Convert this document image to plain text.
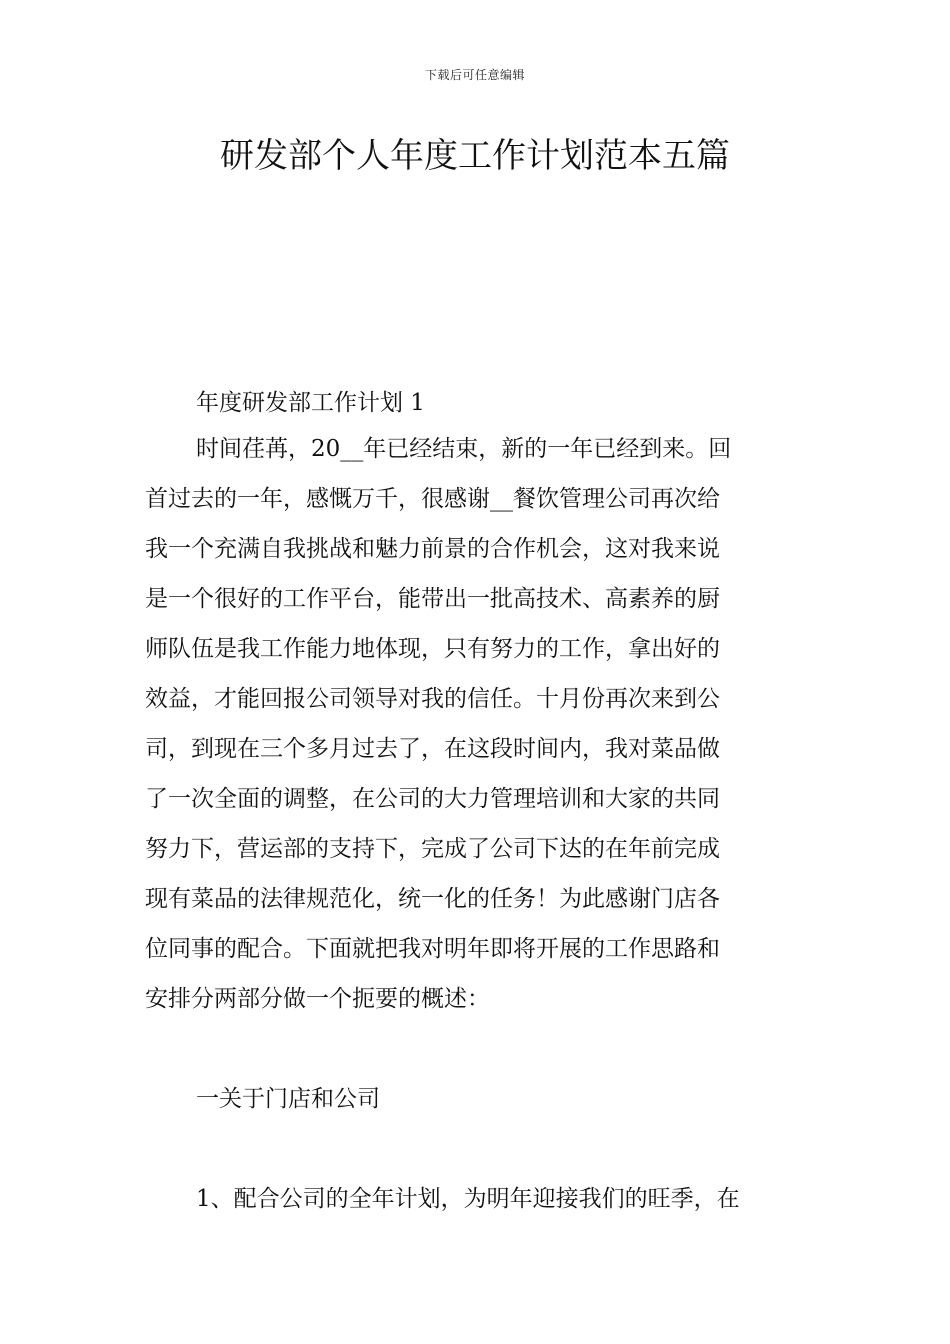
下载后可任意编辑
研发部个人年度工作计划范本五篇
年度研发部工作计划 1
时间荏苒，20__年已经结束，新的一年已经到来。回
首过去的一年，感慨万千，很感谢__餐饮管理公司再次给
我一个充满自我挑战和魅力前景的合作机会，这对我来说
是一个很好的工作平台，能带出一批高技术、高素养的厨
师队伍是我工作能力地体现，只有努力的工作，拿出好的
效益，才能回报公司领导对我的信任。十月份再次来到公
司，到现在三个多月过去了，在这段时间内，我对菜品做
了一次全面的调整，在公司的大力管理培训和大家的共同
努力下，营运部的支持下，完成了公司下达的在年前完成
现有菜品的法律规范化，统一化的任务！为此感谢门店各
位同事的配合。下面就把我对明年即将开展的工作思路和
安排分两部分做一个扼要的概述：
一关于门店和公司
1、配合公司的全年计划，为明年迎接我们的旺季，在
